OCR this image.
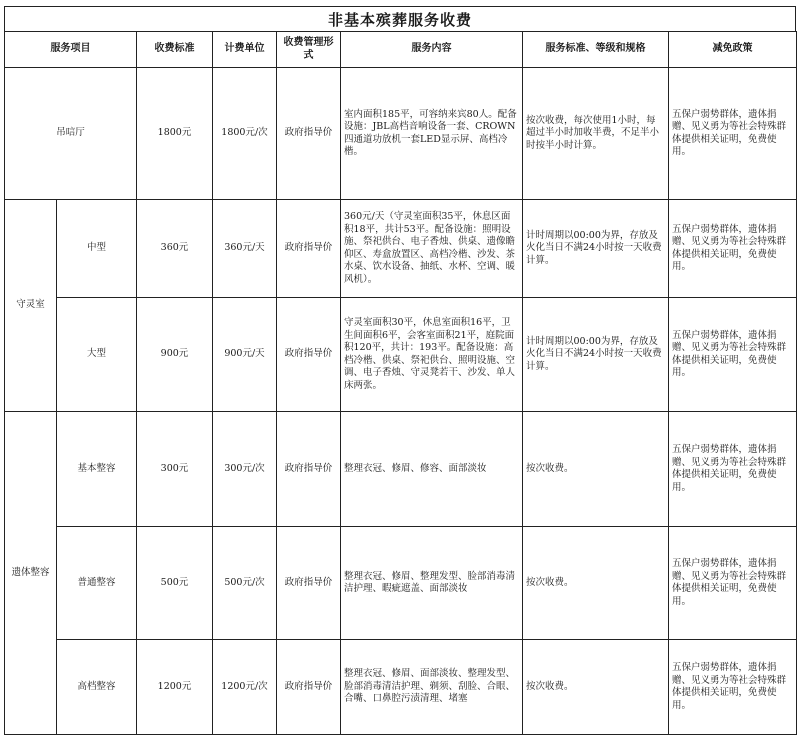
非基本殡葬服务收费
服务项目		收费标准	计费单位	收费管理形式	服务内容	服务标准、等级和规格	减免政策
吊唁厅		1800元	1800元/次	政府指导价	室内面积185平，可容纳来宾80人。配备设施：JBL高档音响设备一套、CROWN四通道功放机一套LED显示屏、高档冷楷。	按次收费，每次使用1小时，每超过半小时加收半费，不足半小时按半小时计算。	五保户弱势群体，遗体捐赠、见义勇为等社会特殊群体提供相关证明，免费使用。
守灵室	中型	360元	360元/天	政府指导价	360元/天（守灵室面积35平，休息区面积18平，共计53平。配备设施：照明设施、祭祀供台、电子香烛、供桌、遗像瞻仰区、寿盒放置区、高档冷楷、沙发、茶水桌、饮水设备、抽纸、水杯、空调、暖风机）。	计时周期以00:00为界，存放及火化当日不满24小时按一天收费计算。	五保户弱势群体，遗体捐赠、见义勇为等社会特殊群体提供相关证明，免费使用。
	大型	900元	900元/天	政府指导价	守灵室面积30平，休息室面积16平，卫生间面积6平，会客室面积21平，庭院面积120平，共计：193平。配备设施：高档冷楷、供桌、祭祀供台、照明设施、空调、电子香烛、守灵凳若干、沙发、单人床两张。	计时周期以00:00为界，存放及火化当日不满24小时按一天收费计算。	五保户弱势群体，遗体捐赠、见义勇为等社会特殊群体提供相关证明，免费使用。
遗体整容	基本整容	300元	300元/次	政府指导价	整理衣冠、修眉、修容、面部淡妆	按次收费。	五保户弱势群体，遗体捐赠、见义勇为等社会特殊群体提供相关证明，免费使用。
	普通整容	500元	500元/次	政府指导价	整理衣冠、修眉、整理发型、脸部消毒清洁护理、暇疵遮盖、面部淡妆	按次收费。	五保户弱势群体，遗体捐赠、见义勇为等社会特殊群体提供相关证明，免费使用。
	高档整容	1200元	1200元/次	政府指导价	整理衣冠、修眉、面部淡妆、整理发型、脸部消毒清洁护理、剃须、刮脸、合眼、合嘴、口鼻腔污渍清理、堵塞	按次收费。	五保户弱势群体，遗体捐赠、见义勇为等社会特殊群体提供相关证明，免费使用。
